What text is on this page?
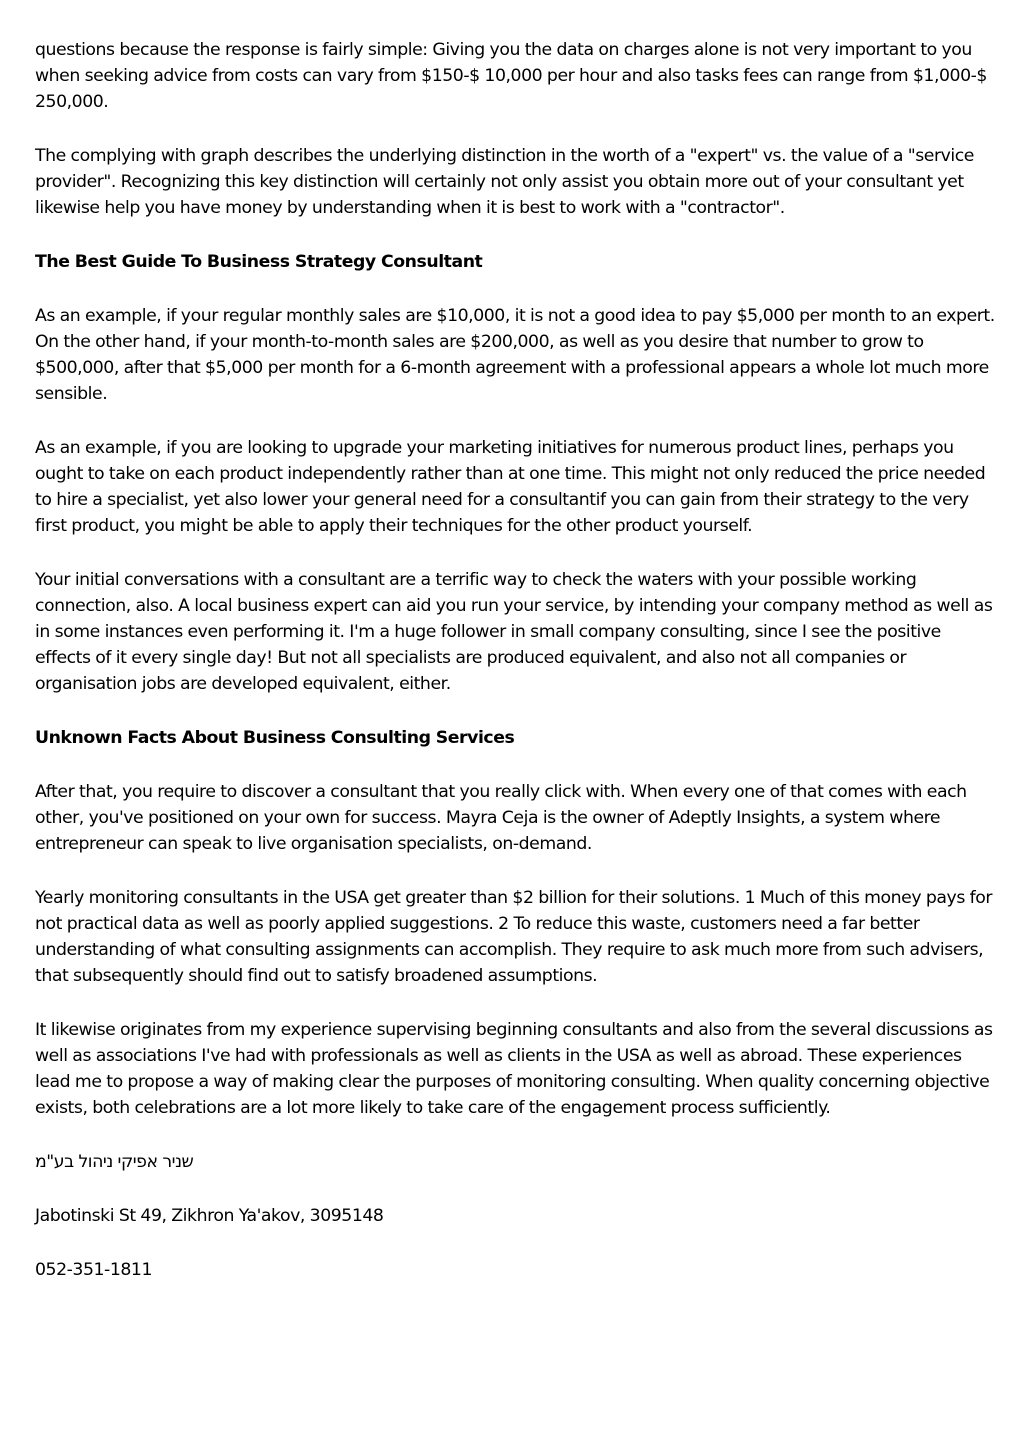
questions because the response is fairly simple: Giving you the data on charges alone is not very important to you when seeking advice from costs can vary from $150-$ 10,000 per hour and also tasks fees can range from $1,000-$ 250,000.

The complying with graph describes the underlying distinction in the worth of a "expert" vs. the value of a "service provider". Recognizing this key distinction will certainly not only assist you obtain more out of your consultant yet likewise help you have money by understanding when it is best to work with a "contractor".

The Best Guide To Business Strategy Consultant

As an example, if your regular monthly sales are $10,000, it is not a good idea to pay $5,000 per month to an expert. On the other hand, if your month-to-month sales are $200,000, as well as you desire that number to grow to $500,000, after that $5,000 per month for a 6-month agreement with a professional appears a whole lot much more sensible.

As an example, if you are looking to upgrade your marketing initiatives for numerous product lines, perhaps you ought to take on each product independently rather than at one time. This might not only reduced the price needed to hire a specialist, yet also lower your general need for a consultantif you can gain from their strategy to the very first product, you might be able to apply their techniques for the other product yourself.

Your initial conversations with a consultant are a terrific way to check the waters with your possible working connection, also. A local business expert can aid you run your service, by intending your company method as well as in some instances even performing it. I'm a huge follower in small company consulting, since I see the positive effects of it every single day! But not all specialists are produced equivalent, and also not all companies or organisation jobs are developed equivalent, either.

Unknown Facts About Business Consulting Services

After that, you require to discover a consultant that you really click with. When every one of that comes with each other, you've positioned on your own for success. Mayra Ceja is the owner of Adeptly Insights, a system where entrepreneur can speak to live organisation specialists, on-demand.

Yearly monitoring consultants in the USA get greater than $2 billion for their solutions. 1 Much of this money pays for not practical data as well as poorly applied suggestions. 2 To reduce this waste, customers need a far better understanding of what consulting assignments can accomplish. They require to ask much more from such advisers, that subsequently should find out to satisfy broadened assumptions.

It likewise originates from my experience supervising beginning consultants and also from the several discussions as well as associations I've had with professionals as well as clients in the USA as well as abroad. These experiences lead me to propose a way of making clear the purposes of monitoring consulting. When quality concerning objective exists, both celebrations are a lot more likely to take care of the engagement process sufficiently.

שניר אפיקי ניהול בע"מ

Jabotinski St 49, Zikhron Ya'akov, 3095148

052-351-1811
